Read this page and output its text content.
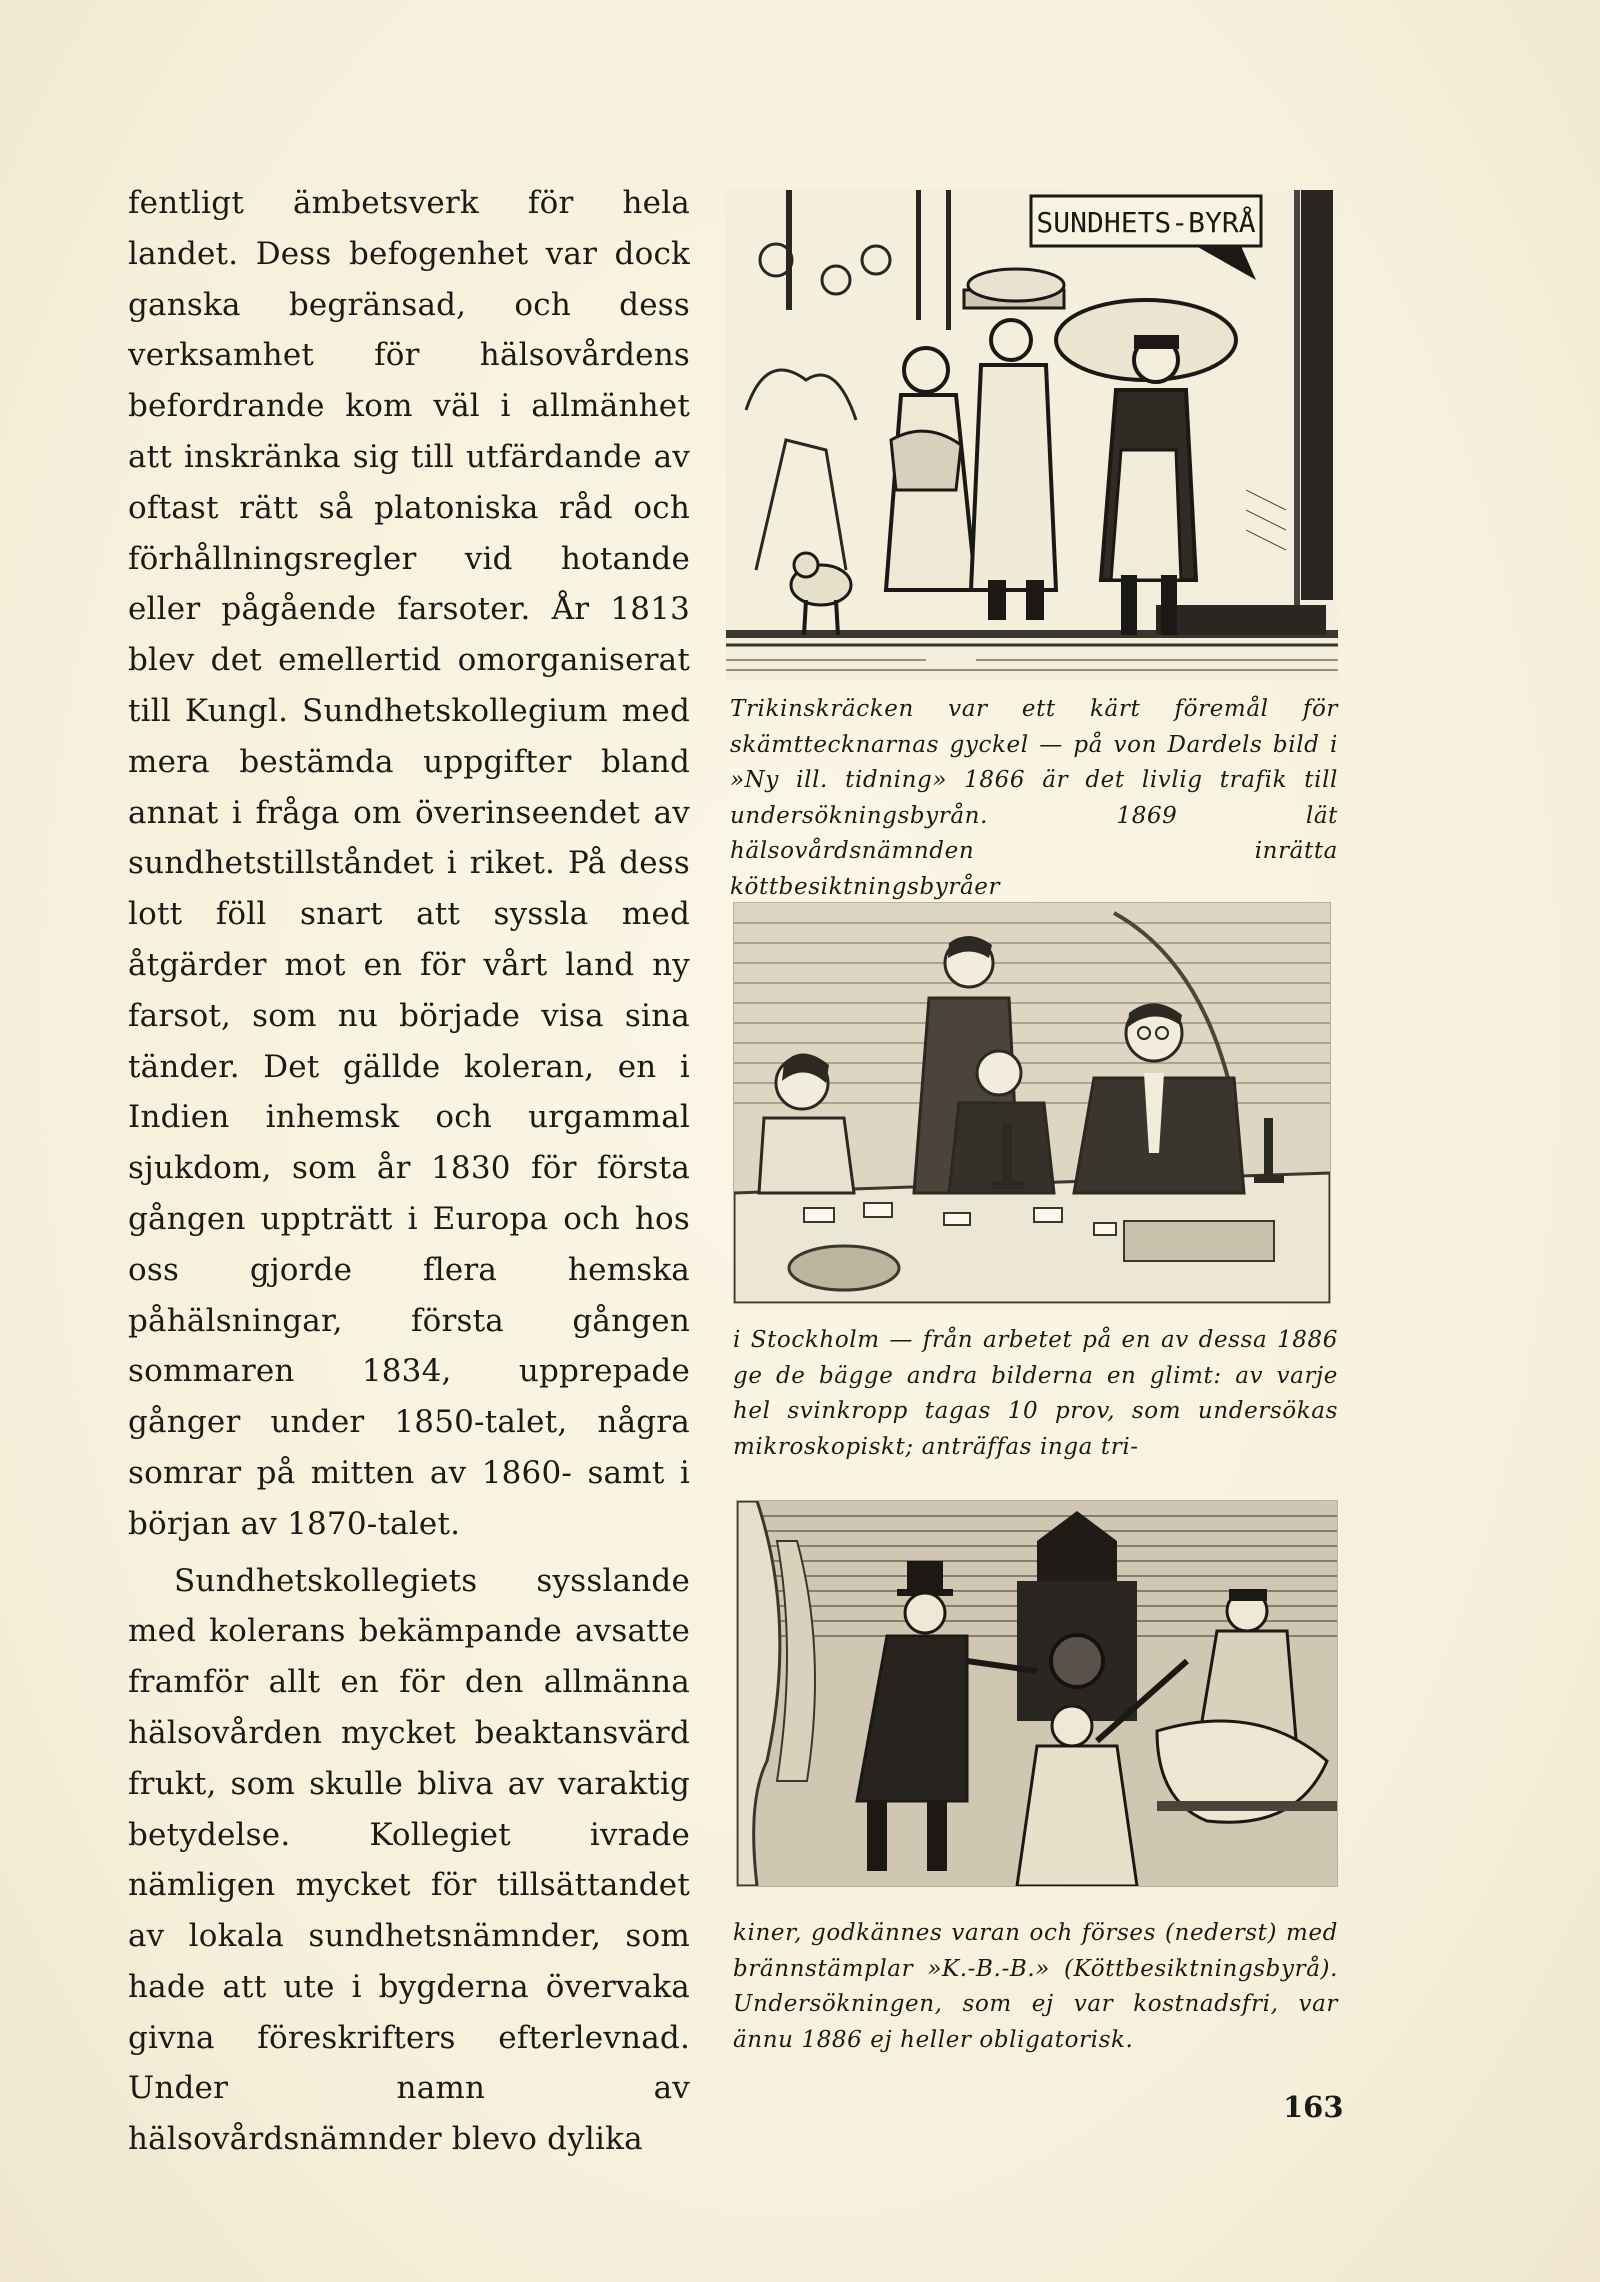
fentligt ämbetsverk för hela landet. Dess befogenhet var dock ganska begränsad, och dess verksamhet för hälsovårdens befordrande kom väl i allmänhet att inskränka sig till utfärdande av oftast rätt så platoniska råd och förhållningsregler vid hotande eller pågående farsoter. År 1813 blev det emellertid omorganiserat till Kungl. Sundhetskollegium med mera bestämda uppgifter bland annat i fråga om överinseendet av sundhetstillståndet i riket. På dess lott föll snart att syssla med åtgärder mot en för vårt land ny farsot, som nu började visa sina tänder. Det gällde koleran, en i Indien inhemsk och urgammal sjukdom, som år 1830 för första gången uppträtt i Europa och hos oss gjorde flera hemska påhälsningar, första gången sommaren 1834, upprepade gånger under 1850-talet, några somrar på mitten av 1860- samt i början av 1870-talet.

Sundhetskollegiets sysslande med kolerans bekämpande avsatte framför allt en för den allmänna hälsovården mycket beaktansvärd frukt, som skulle bliva av varaktig betydelse. Kollegiet ivrade nämligen mycket för tillsättandet av lokala sundhetsnämnder, som hade att ute i bygderna övervaka givna föreskrifters efterlevnad. Under namn av hälsovårdsnämnder blevo dylika

SUNDHETS-BYRÅ
Trikinskräcken var ett kärt föremål för skämttecknarnas gyckel — på von Dardels bild i »Ny ill. tidning» 1866 är det livlig trafik till undersökningsbyrån. 1869 lät hälsovårdsnämnden inrätta köttbesiktningsbyråer
i Stockholm — från arbetet på en av dessa 1886 ge de bägge andra bilderna en glimt: av varje hel svinkropp tagas 10 prov, som undersökas mikroskopiskt; anträffas inga tri-
kiner, godkännes varan och förses (nederst) med brännstämplar »K.-B.-B.» (Köttbesiktningsbyrå). Undersökningen, som ej var kostnadsfri, var ännu 1886 ej heller obligatorisk.
163
